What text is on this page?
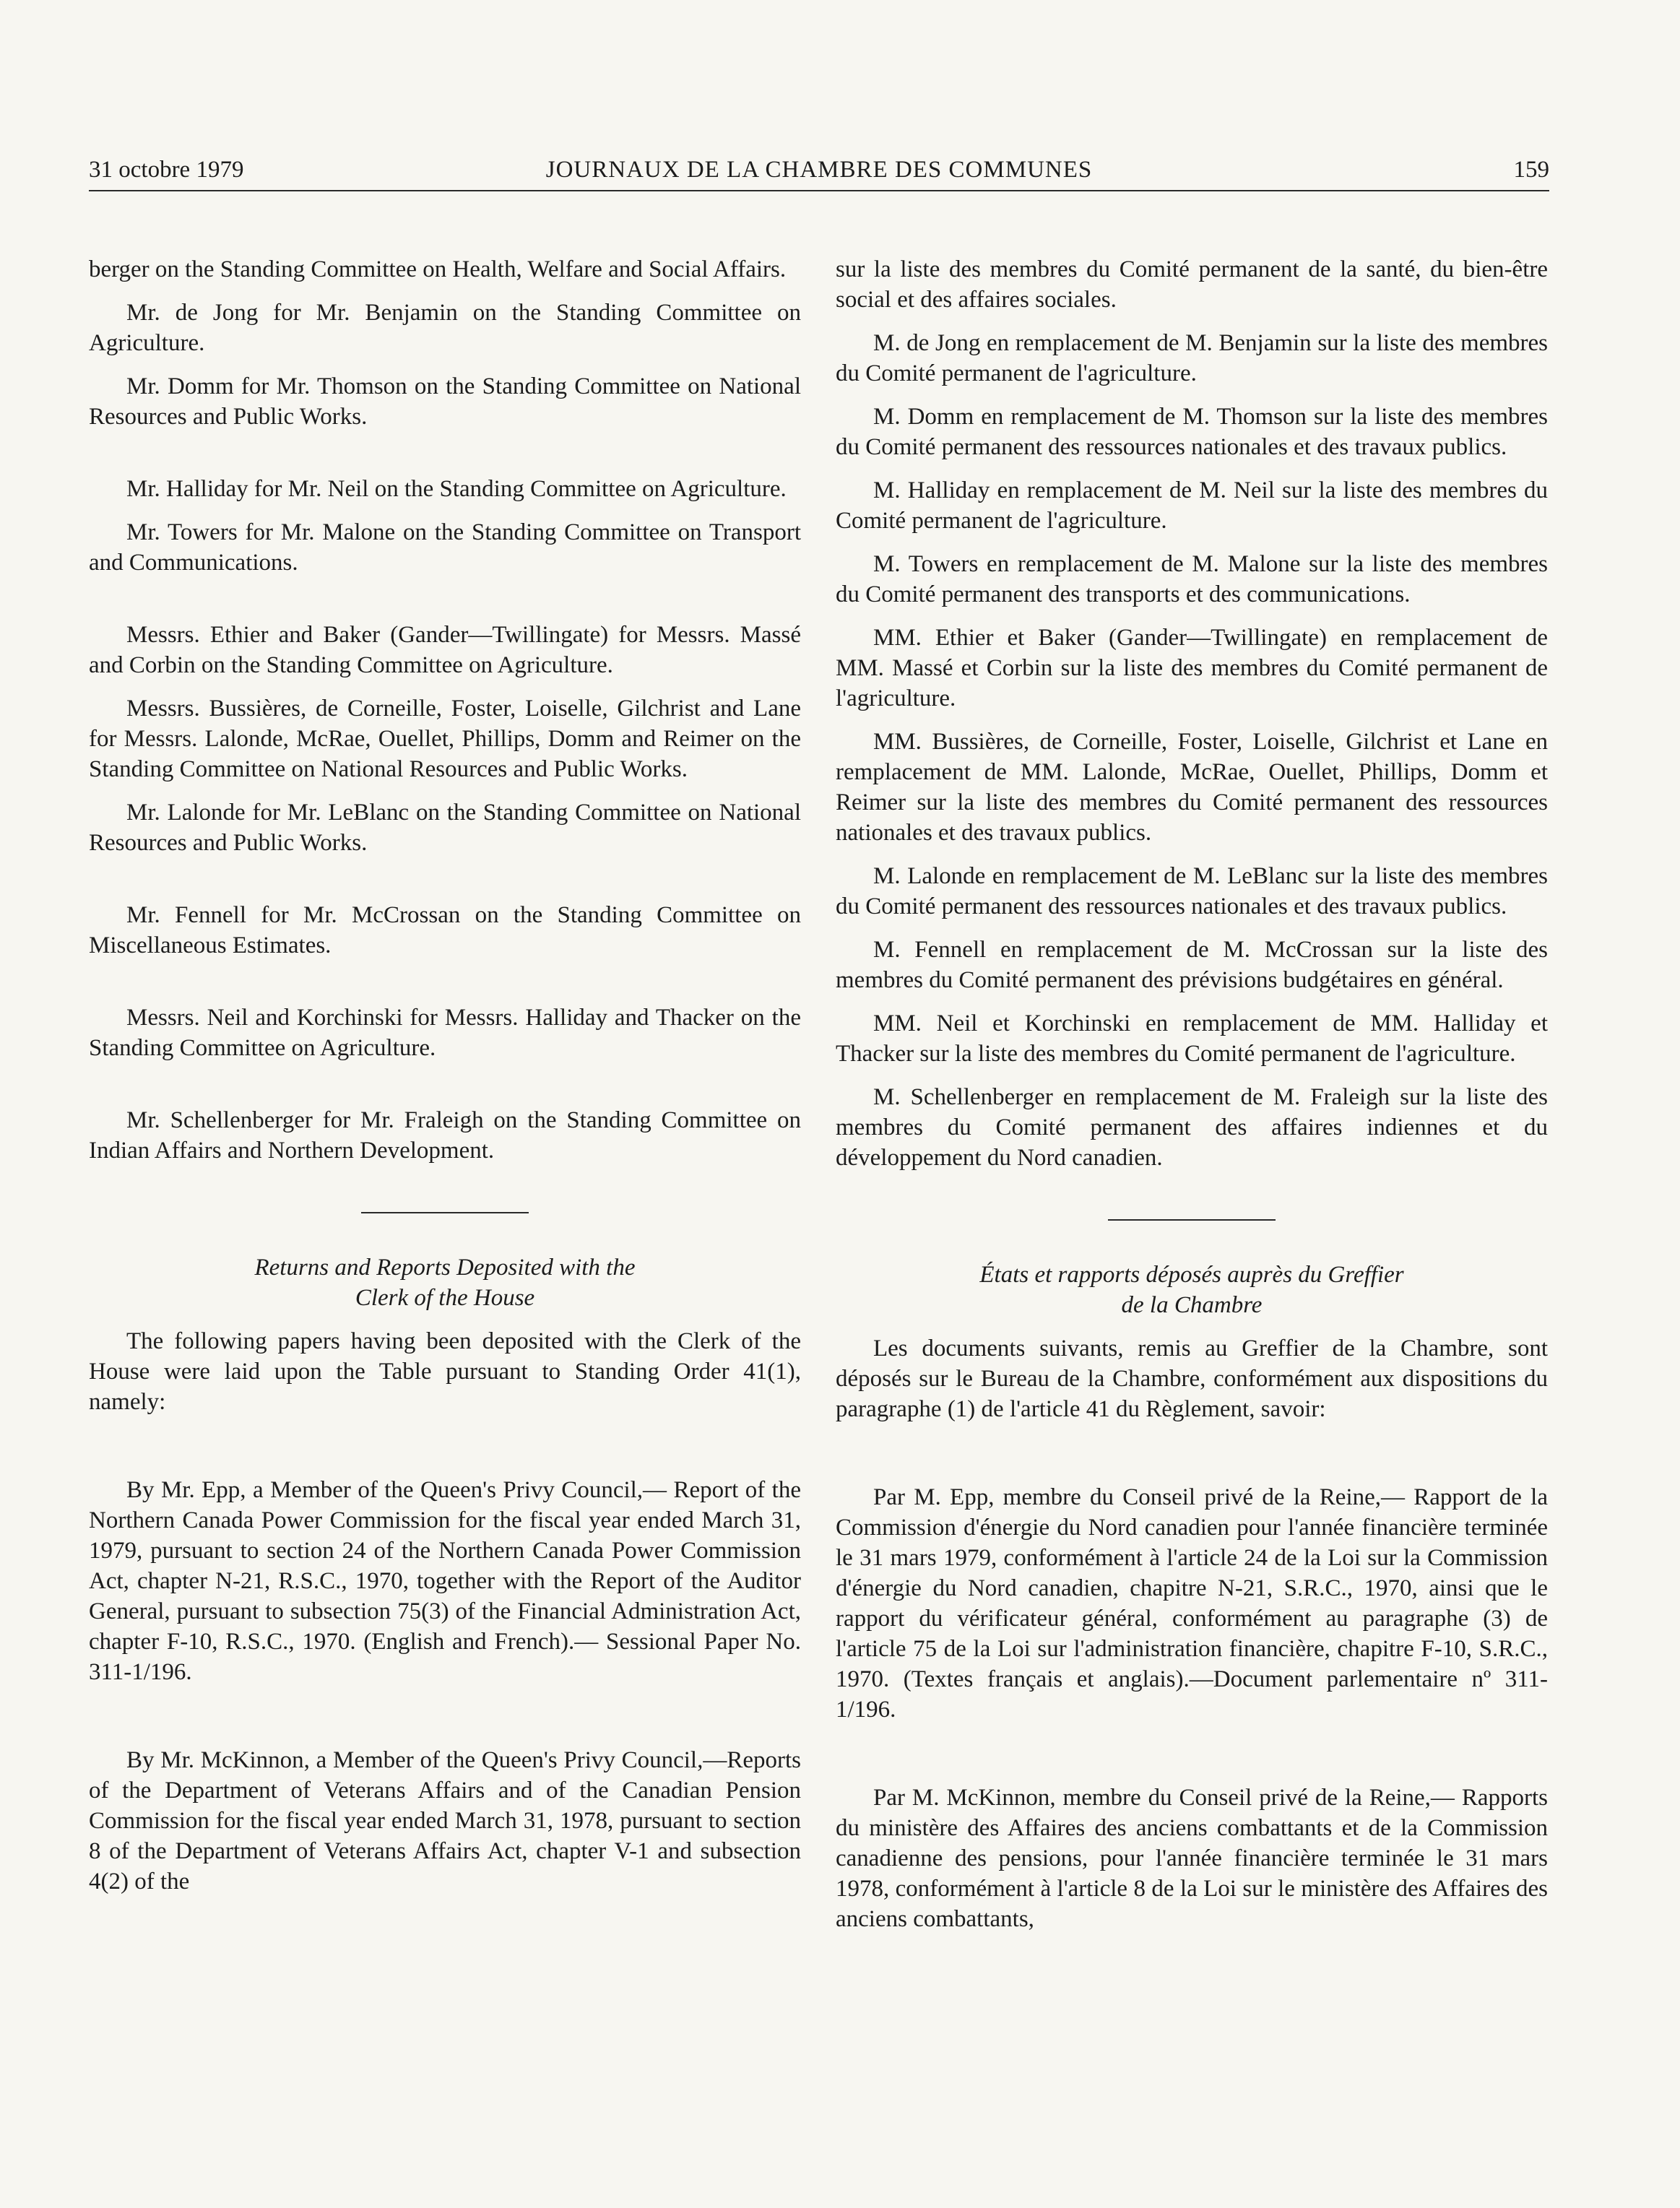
31 octobre 1979	JOURNAUX DE LA CHAMBRE DES COMMUNES	159

berger on the Standing Committee on Health, Welfare and Social Affairs.

Mr. de Jong for Mr. Benjamin on the Standing Committee on Agriculture.

Mr. Domm for Mr. Thomson on the Standing Committee on National Resources and Public Works.

Mr. Halliday for Mr. Neil on the Standing Committee on Agriculture.

Mr. Towers for Mr. Malone on the Standing Committee on Transport and Communications.

Messrs. Ethier and Baker (Gander—Twillingate) for Messrs. Massé and Corbin on the Standing Committee on Agriculture.

Messrs. Bussières, de Corneille, Foster, Loiselle, Gilchrist and Lane for Messrs. Lalonde, McRae, Ouellet, Phillips, Domm and Reimer on the Standing Committee on National Resources and Public Works.

Mr. Lalonde for Mr. LeBlanc on the Standing Committee on National Resources and Public Works.

Mr. Fennell for Mr. McCrossan on the Standing Committee on Miscellaneous Estimates.

Messrs. Neil and Korchinski for Messrs. Halliday and Thacker on the Standing Committee on Agriculture.

Mr. Schellenberger for Mr. Fraleigh on the Standing Committee on Indian Affairs and Northern Development.

Returns and Reports Deposited with the
Clerk of the House

The following papers having been deposited with the Clerk of the House were laid upon the Table pursuant to Standing Order 41(1), namely:

By Mr. Epp, a Member of the Queen's Privy Council,— Report of the Northern Canada Power Commission for the fiscal year ended March 31, 1979, pursuant to section 24 of the Northern Canada Power Commission Act, chapter N-21, R.S.C., 1970, together with the Report of the Auditor General, pursuant to subsection 75(3) of the Financial Administration Act, chapter F-10, R.S.C., 1970. (English and French).— Sessional Paper No. 311-1/196.

By Mr. McKinnon, a Member of the Queen's Privy Council,—Reports of the Department of Veterans Affairs and of the Canadian Pension Commission for the fiscal year ended March 31, 1978, pursuant to section 8 of the Department of Veterans Affairs Act, chapter V-1 and subsection 4(2) of the

sur la liste des membres du Comité permanent de la santé, du bien-être social et des affaires sociales.

M. de Jong en remplacement de M. Benjamin sur la liste des membres du Comité permanent de l'agriculture.

M. Domm en remplacement de M. Thomson sur la liste des membres du Comité permanent des ressources nationales et des travaux publics.

M. Halliday en remplacement de M. Neil sur la liste des membres du Comité permanent de l'agriculture.

M. Towers en remplacement de M. Malone sur la liste des membres du Comité permanent des transports et des communications.

MM. Ethier et Baker (Gander—Twillingate) en remplacement de MM. Massé et Corbin sur la liste des membres du Comité permanent de l'agriculture.

MM. Bussières, de Corneille, Foster, Loiselle, Gilchrist et Lane en remplacement de MM. Lalonde, McRae, Ouellet, Phillips, Domm et Reimer sur la liste des membres du Comité permanent des ressources nationales et des travaux publics.

M. Lalonde en remplacement de M. LeBlanc sur la liste des membres du Comité permanent des ressources nationales et des travaux publics.

M. Fennell en remplacement de M. McCrossan sur la liste des membres du Comité permanent des prévisions budgétaires en général.

MM. Neil et Korchinski en remplacement de MM. Halliday et Thacker sur la liste des membres du Comité permanent de l'agriculture.

M. Schellenberger en remplacement de M. Fraleigh sur la liste des membres du Comité permanent des affaires indiennes et du développement du Nord canadien.

États et rapports déposés auprès du Greffier
de la Chambre

Les documents suivants, remis au Greffier de la Chambre, sont déposés sur le Bureau de la Chambre, conformément aux dispositions du paragraphe (1) de l'article 41 du Règlement, savoir:

Par M. Epp, membre du Conseil privé de la Reine,— Rapport de la Commission d'énergie du Nord canadien pour l'année financière terminée le 31 mars 1979, conformément à l'article 24 de la Loi sur la Commission d'énergie du Nord canadien, chapitre N-21, S.R.C., 1970, ainsi que le rapport du vérificateur général, conformément au paragraphe (3) de l'article 75 de la Loi sur l'administration financière, chapitre F-10, S.R.C., 1970. (Textes français et anglais).—Document parlementaire nº 311-1/196.

Par M. McKinnon, membre du Conseil privé de la Reine,— Rapports du ministère des Affaires des anciens combattants et de la Commission canadienne des pensions, pour l'année financière terminée le 31 mars 1978, conformément à l'article 8 de la Loi sur le ministère des Affaires des anciens combattants,
